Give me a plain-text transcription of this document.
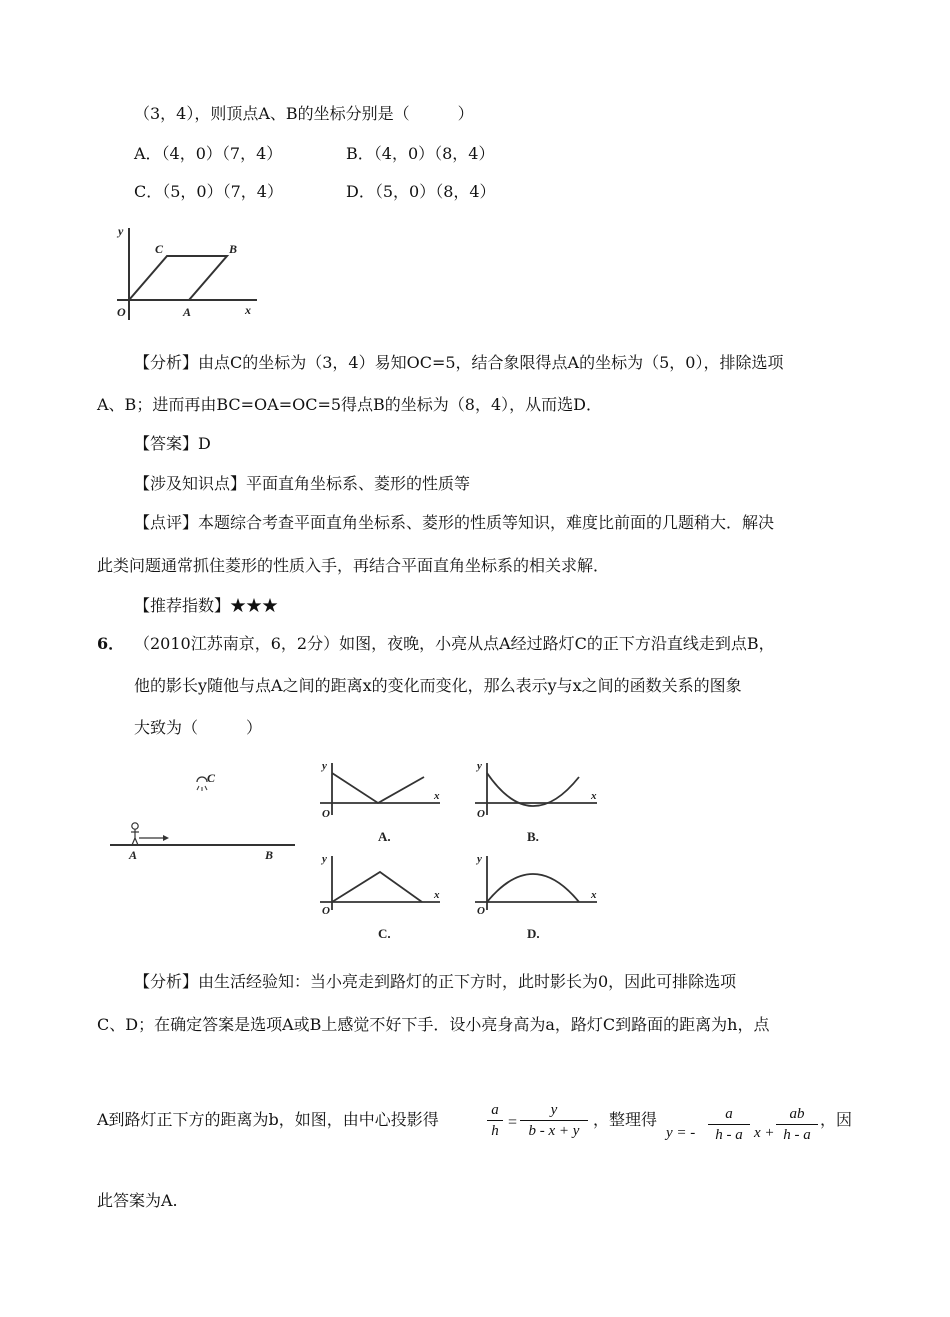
（3，4），则顶点A、B的坐标分别是（　　　）
A．（4，0）（7，4）	B．（4，0）（8，4）
C．（5，0）（7，4）	D．（5，0）（8，4）
y
x
O
C	B
A
【分析】由点C的坐标为（3，4）易知OC=5，结合象限得点A的坐标为（5，0），排除选项
A、B；进而再由BC=OA=OC=5得点B的坐标为（8，4），从而选D．
【答案】D
【涉及知识点】平面直角坐标系、菱形的性质等
【点评】本题综合考查平面直角坐标系、菱形的性质等知识，难度比前面的几题稍大．解决
此类问题通常抓住菱形的性质入手，再结合平面直角坐标系的相关求解．
【推荐指数】★★★
6． （2010江苏南京，6，2分）如图，夜晚，小亮从点A经过路灯C的正下方沿直线走到点B，
他的影长y随他与点A之间的距离x的变化而变化，那么表示y与x之间的函数关系的图象
大致为（　　　）
C
A	B
y
x
O
A.
y
x
O
B.
y
x
O
C.
y
x
O
D.
【分析】由生活经验知：当小亮走到路灯的正下方时，此时影长为0，因此可排除选项
C、D；在确定答案是选项A或B上感觉不好下手．设小亮身高为a，路灯C到路面的距离为h，点
A到路灯正下方的距离为b，如图，由中心投影得	$\frac{a}{h} = \frac{y}{b - x + y}$ ，整理得
y = - $\frac{a}{h - a}$ $x + \frac{ab}{h - a}$ ，因
此答案为A.
